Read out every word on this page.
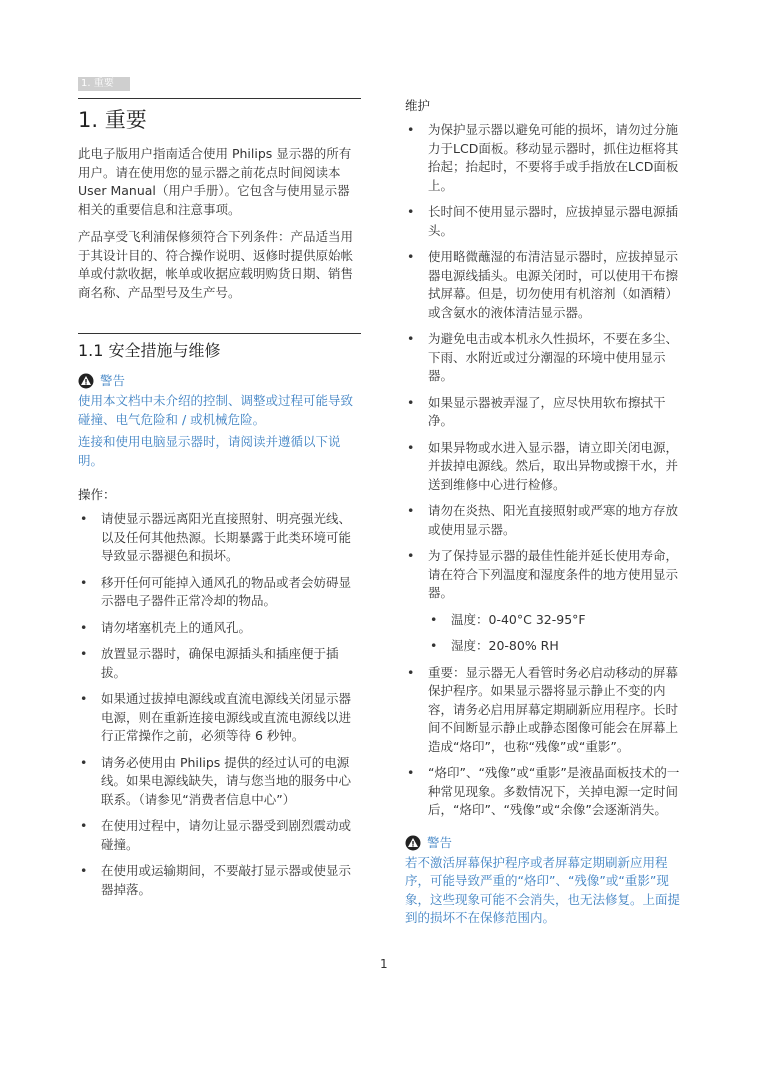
1. 重要
1. 重要

此电子版用户指南适合使用 Philips 显示器的所有用户。请在使用您的显示器之前花点时间阅读本 User Manual（用户手册）。它包含与使用显示器相关的重要信息和注意事项。

产品享受飞利浦保修须符合下列条件：产品适当用于其设计目的、符合操作说明、返修时提供原始帐单或付款收据，帐单或收据应载明购货日期、销售商名称、产品型号及生产号。

1.1 安全措施与维修
警告

使用本文档中未介绍的控制、调整或过程可能导致碰撞、电气危险和 / 或机械危险。

连接和使用电脑显示器时，请阅读并遵循以下说明。

操作：
• 请使显示器远离阳光直接照射、明亮强光线、以及任何其他热源。长期暴露于此类环境可能导致显示器褪色和损坏。
• 移开任何可能掉入通风孔的物品或者会妨碍显示器电子器件正常冷却的物品。
• 请勿堵塞机壳上的通风孔。
• 放置显示器时，确保电源插头和插座便于插拔。
• 如果通过拔掉电源线或直流电源线关闭显示器电源，则在重新连接电源线或直流电源线以进行正常操作之前，必须等待 6 秒钟。
• 请务必使用由 Philips 提供的经过认可的电源线。如果电源线缺失，请与您当地的服务中心联系。（请参见“消费者信息中心”）
• 在使用过程中，请勿让显示器受到剧烈震动或碰撞。
• 在使用或运输期间，不要敲打显示器或使显示器掉落。
维护
• 为保护显示器以避免可能的损坏，请勿过分施力于LCD面板。移动显示器时，抓住边框将其抬起；抬起时，不要将手或手指放在LCD面板上。
• 长时间不使用显示器时，应拔掉显示器电源插头。
• 使用略微蘸湿的布清洁显示器时，应拔掉显示器电源线插头。电源关闭时，可以使用干布擦拭屏幕。但是，切勿使用有机溶剂（如酒精）或含氨水的液体清洁显示器。
• 为避免电击或本机永久性损坏，不要在多尘、下雨、水附近或过分潮湿的环境中使用显示器。
• 如果显示器被弄湿了，应尽快用软布擦拭干净。
• 如果异物或水进入显示器，请立即关闭电源，并拔掉电源线。然后，取出异物或擦干水，并送到维修中心进行检修。
• 请勿在炎热、阳光直接照射或严寒的地方存放或使用显示器。
• 为了保持显示器的最佳性能并延长使用寿命，请在符合下列温度和湿度条件的地方使用显示器。
• 温度：0-40°C 32-95°F
• 湿度：20-80% RH
• 重要：显示器无人看管时务必启动移动的屏幕保护程序。如果显示器将显示静止不变的内容，请务必启用屏幕定期刷新应用程序。长时间不间断显示静止或静态图像可能会在屏幕上造成“烙印”，也称“残像”或“重影”。
• “烙印”、“残像”或“重影”是液晶面板技术的一种常见现象。多数情况下，关掉电源一定时间后，“烙印”、“残像”或“余像”会逐渐消失。
警告

若不激活屏幕保护程序或者屏幕定期刷新应用程序，可能导致严重的“烙印”、“残像”或“重影”现象，这些现象可能不会消失，也无法修复。上面提到的损坏不在保修范围内。

1
